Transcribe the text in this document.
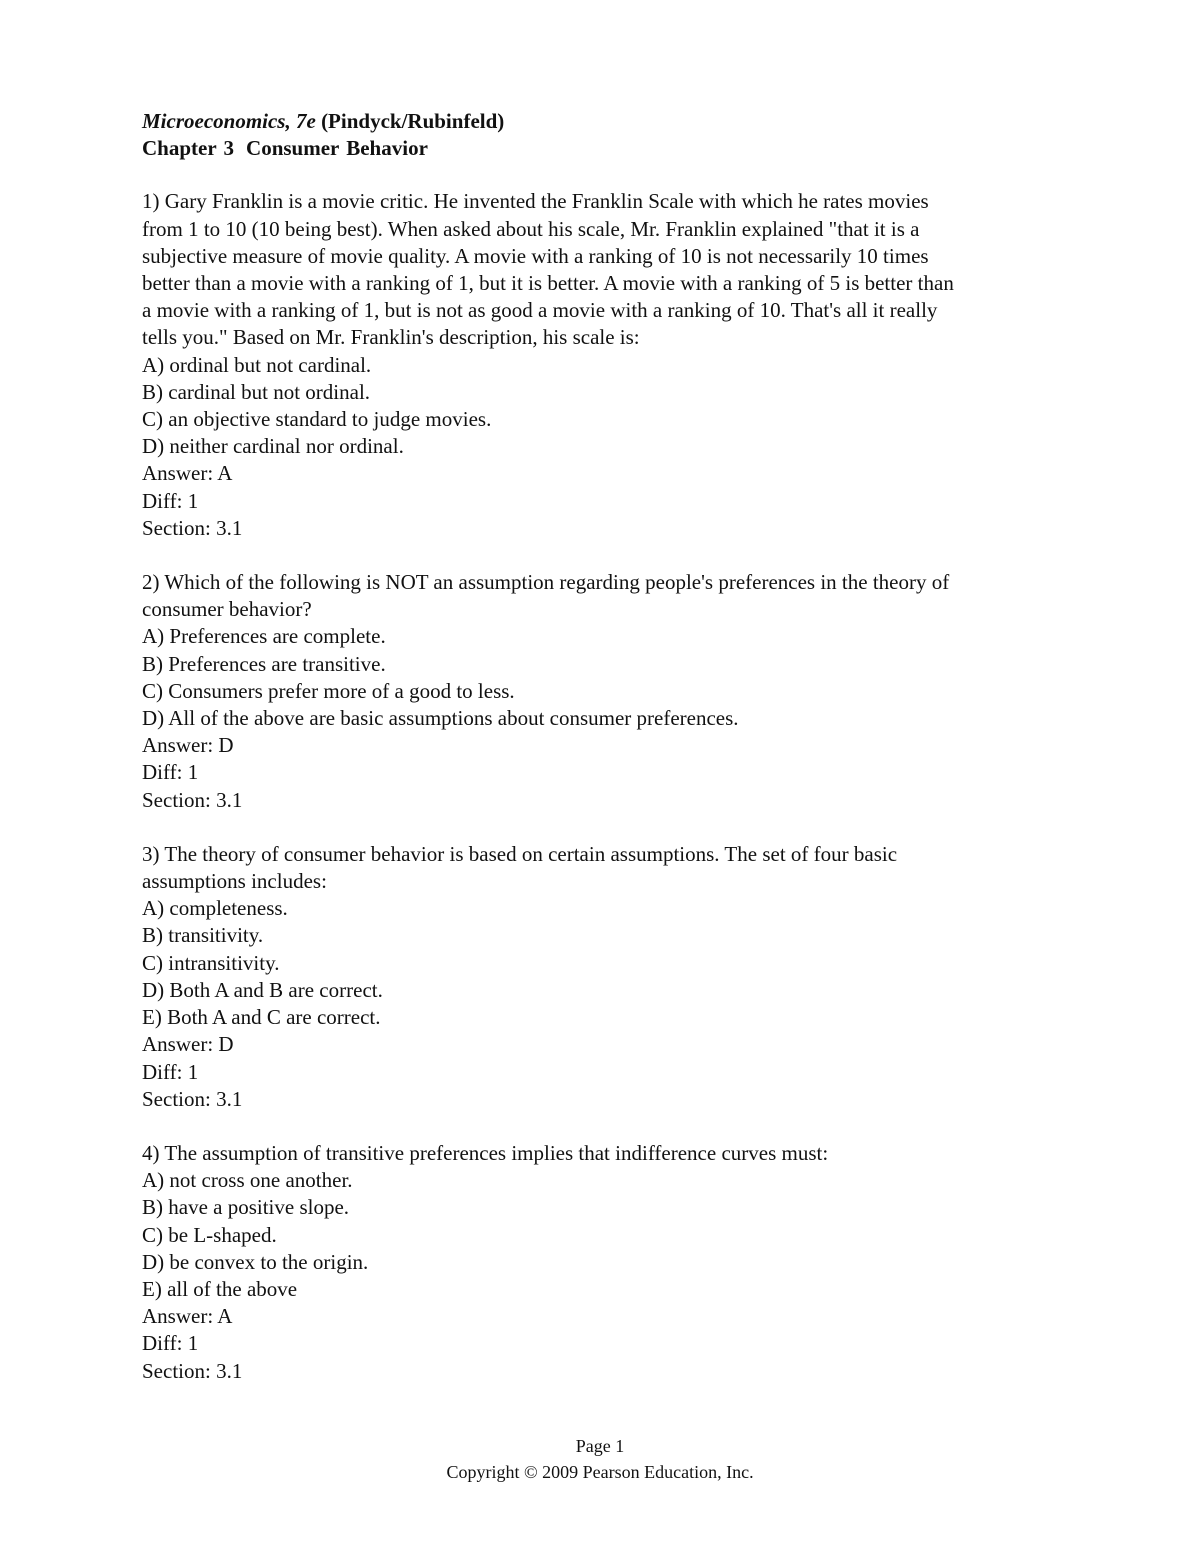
Microeconomics, 7e (Pindyck/Rubinfeld)

Chapter 3 Consumer Behavior

1) Gary Franklin is a movie critic. He invented the Franklin Scale with which he rates movies

from 1 to 10 (10 being best). When asked about his scale, Mr. Franklin explained "that it is a

subjective measure of movie quality. A movie with a ranking of 10 is not necessarily 10 times

better than a movie with a ranking of 1, but it is better. A movie with a ranking of 5 is better than

a movie with a ranking of 1, but is not as good a movie with a ranking of 10. That's all it really

tells you." Based on Mr. Franklin's description, his scale is:

A) ordinal but not cardinal.

B) cardinal but not ordinal.

C) an objective standard to judge movies.

D) neither cardinal nor ordinal.

Answer: A

Diff: 1

Section: 3.1

2) Which of the following is NOT an assumption regarding people's preferences in the theory of

consumer behavior?

A) Preferences are complete.

B) Preferences are transitive.

C) Consumers prefer more of a good to less.

D) All of the above are basic assumptions about consumer preferences.

Answer: D

Diff: 1

Section: 3.1

3) The theory of consumer behavior is based on certain assumptions. The set of four basic

assumptions includes:

A) completeness.

B) transitivity.

C) intransitivity.

D) Both A and B are correct.

E) Both A and C are correct.

Answer: D

Diff: 1

Section: 3.1

4) The assumption of transitive preferences implies that indifference curves must:

A) not cross one another.

B) have a positive slope.

C) be L-shaped.

D) be convex to the origin.

E) all of the above

Answer: A

Diff: 1

Section: 3.1

Page 1
Copyright © 2009 Pearson Education, Inc.
